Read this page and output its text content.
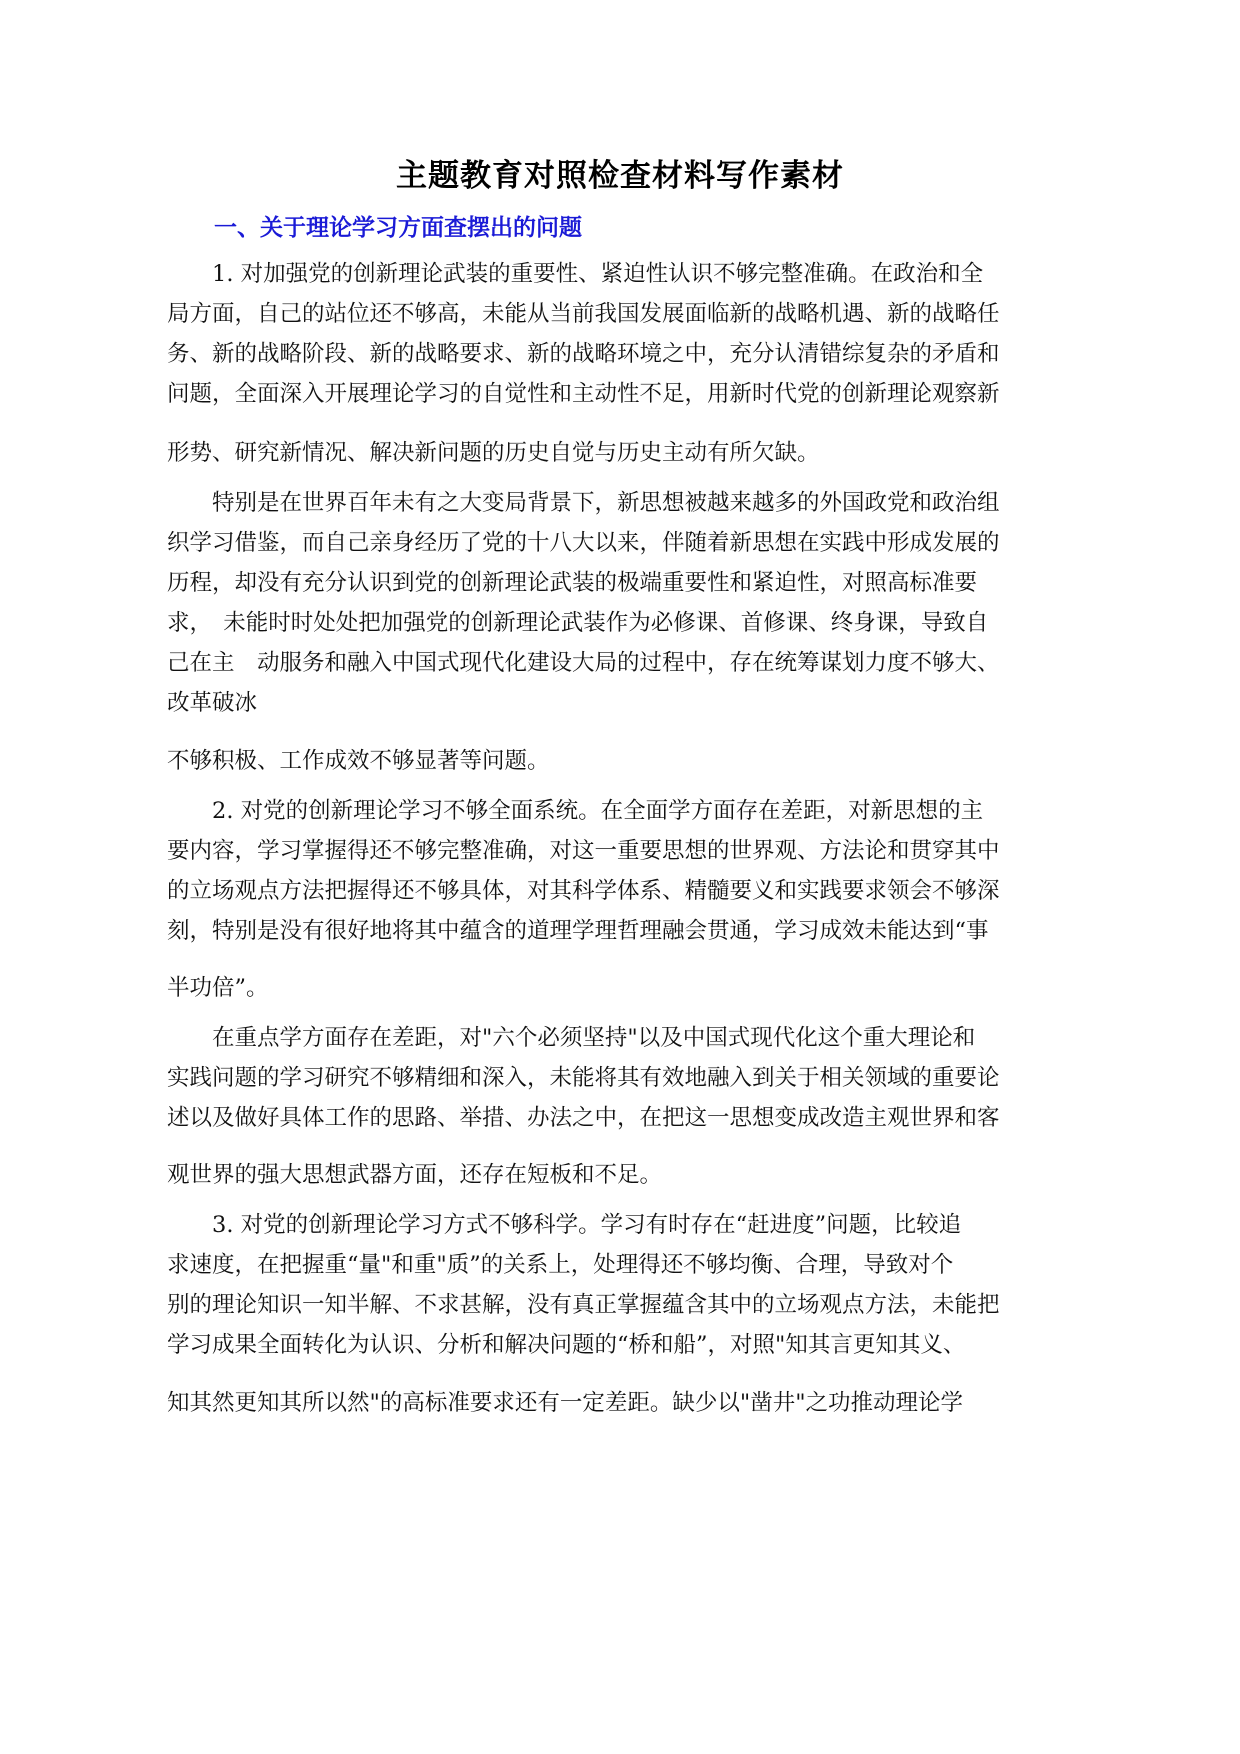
主题教育对照检查材料写作素材
一、关于理论学习方面查摆出的问题

　　1. 对加强党的创新理论武装的重要性、紧迫性认识不够完整准确。在政治和全

局方面，自己的站位还不够高，未能从当前我国发展面临新的战略机遇、新的战略任

务、新的战略阶段、新的战略要求、新的战略环境之中，充分认清错综复杂的矛盾和

问题，全面深入开展理论学习的自觉性和主动性不足，用新时代党的创新理论观察新

形势、研究新情况、解决新问题的历史自觉与历史主动有所欠缺。

　　特别是在世界百年未有之大变局背景下，新思想被越来越多的外国政党和政治组

织学习借鉴，而自己亲身经历了党的十八大以来，伴随着新思想在实践中形成发展的

历程，却没有充分认识到党的创新理论武装的极端重要性和紧迫性，对照高标准要

求，　未能时时处处把加强党的创新理论武装作为必修课、首修课、终身课，导致自

己在主　动服务和融入中国式现代化建设大局的过程中，存在统筹谋划力度不够大、

改革破冰

不够积极、工作成效不够显著等问题。

　　2. 对党的创新理论学习不够全面系统。在全面学方面存在差距，对新思想的主

要内容，学习掌握得还不够完整准确，对这一重要思想的世界观、方法论和贯穿其中

的立场观点方法把握得还不够具体，对其科学体系、精髓要义和实践要求领会不够深

刻，特别是没有很好地将其中蕴含的道理学理哲理融会贯通，学习成效未能达到“事

半功倍”。

　　在重点学方面存在差距，对"六个必须坚持"以及中国式现代化这个重大理论和

实践问题的学习研究不够精细和深入，未能将其有效地融入到关于相关领域的重要论

述以及做好具体工作的思路、举措、办法之中，在把这一思想变成改造主观世界和客

观世界的强大思想武器方面，还存在短板和不足。

　　3. 对党的创新理论学习方式不够科学。学习有时存在“赶进度”问题，比较追

求速度，在把握重“量"和重"质”的关系上，处理得还不够均衡、合理，导致对个

别的理论知识一知半解、不求甚解，没有真正掌握蕴含其中的立场观点方法，未能把

学习成果全面转化为认识、分析和解决问题的“桥和船”，对照"知其言更知其义、

知其然更知其所以然"的高标准要求还有一定差距。缺少以"凿井"之功推动理论学
